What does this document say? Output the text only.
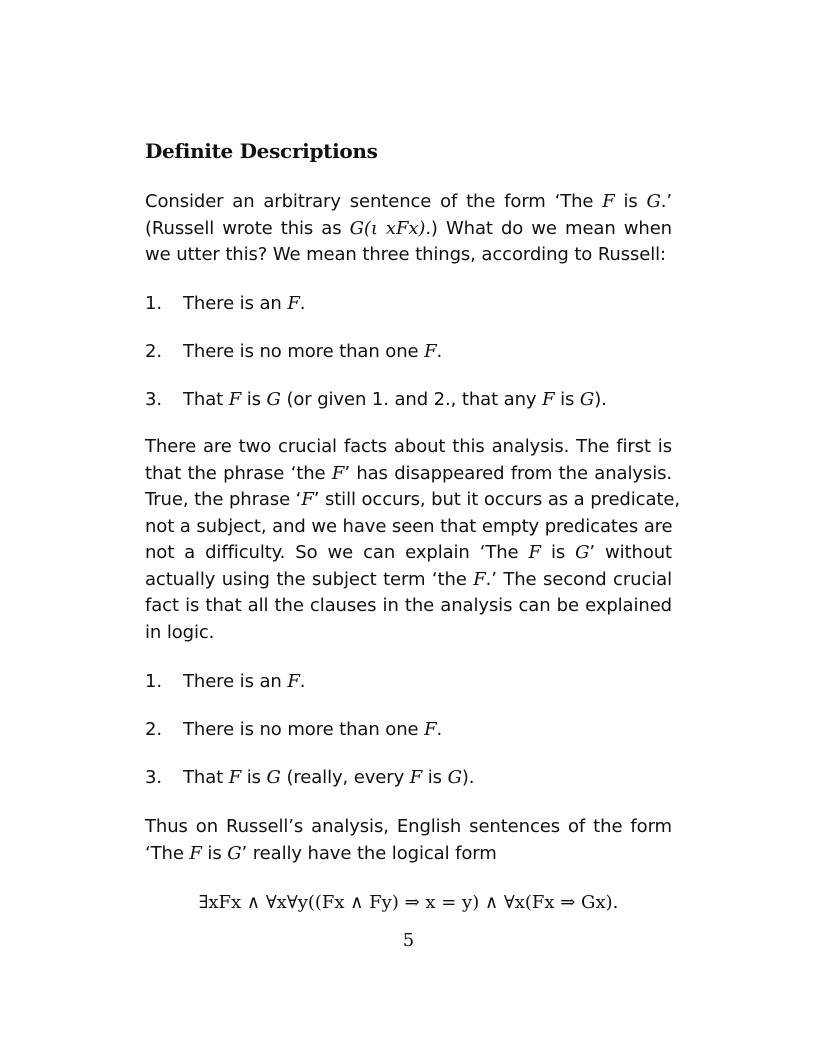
Definite Descriptions
Consider an arbitrary sentence of the form ‘The F is G.’
(Russell wrote this as G(ι xFx).) What do we mean when
we utter this? We mean three things, according to Russell:
1. There is an F.
2. There is no more than one F.
3. That F is G (or given 1. and 2., that any F is G).
There are two crucial facts about this analysis. The first is
that the phrase ‘the F’ has disappeared from the analysis.
True, the phrase ‘F’ still occurs, but it occurs as a predicate,
not a subject, and we have seen that empty predicates are
not a difficulty. So we can explain ‘The F is G’ without
actually using the subject term ‘the F.’ The second crucial
fact is that all the clauses in the analysis can be explained
in logic.
1. There is an F.
2. There is no more than one F.
3. That F is G (really, every F is G).
Thus on Russell’s analysis, English sentences of the form
‘The F is G’ really have the logical form
∃xFx ∧ ∀x∀y((Fx ∧ Fy) ⇒ x = y) ∧ ∀x(Fx ⇒ Gx).
5
